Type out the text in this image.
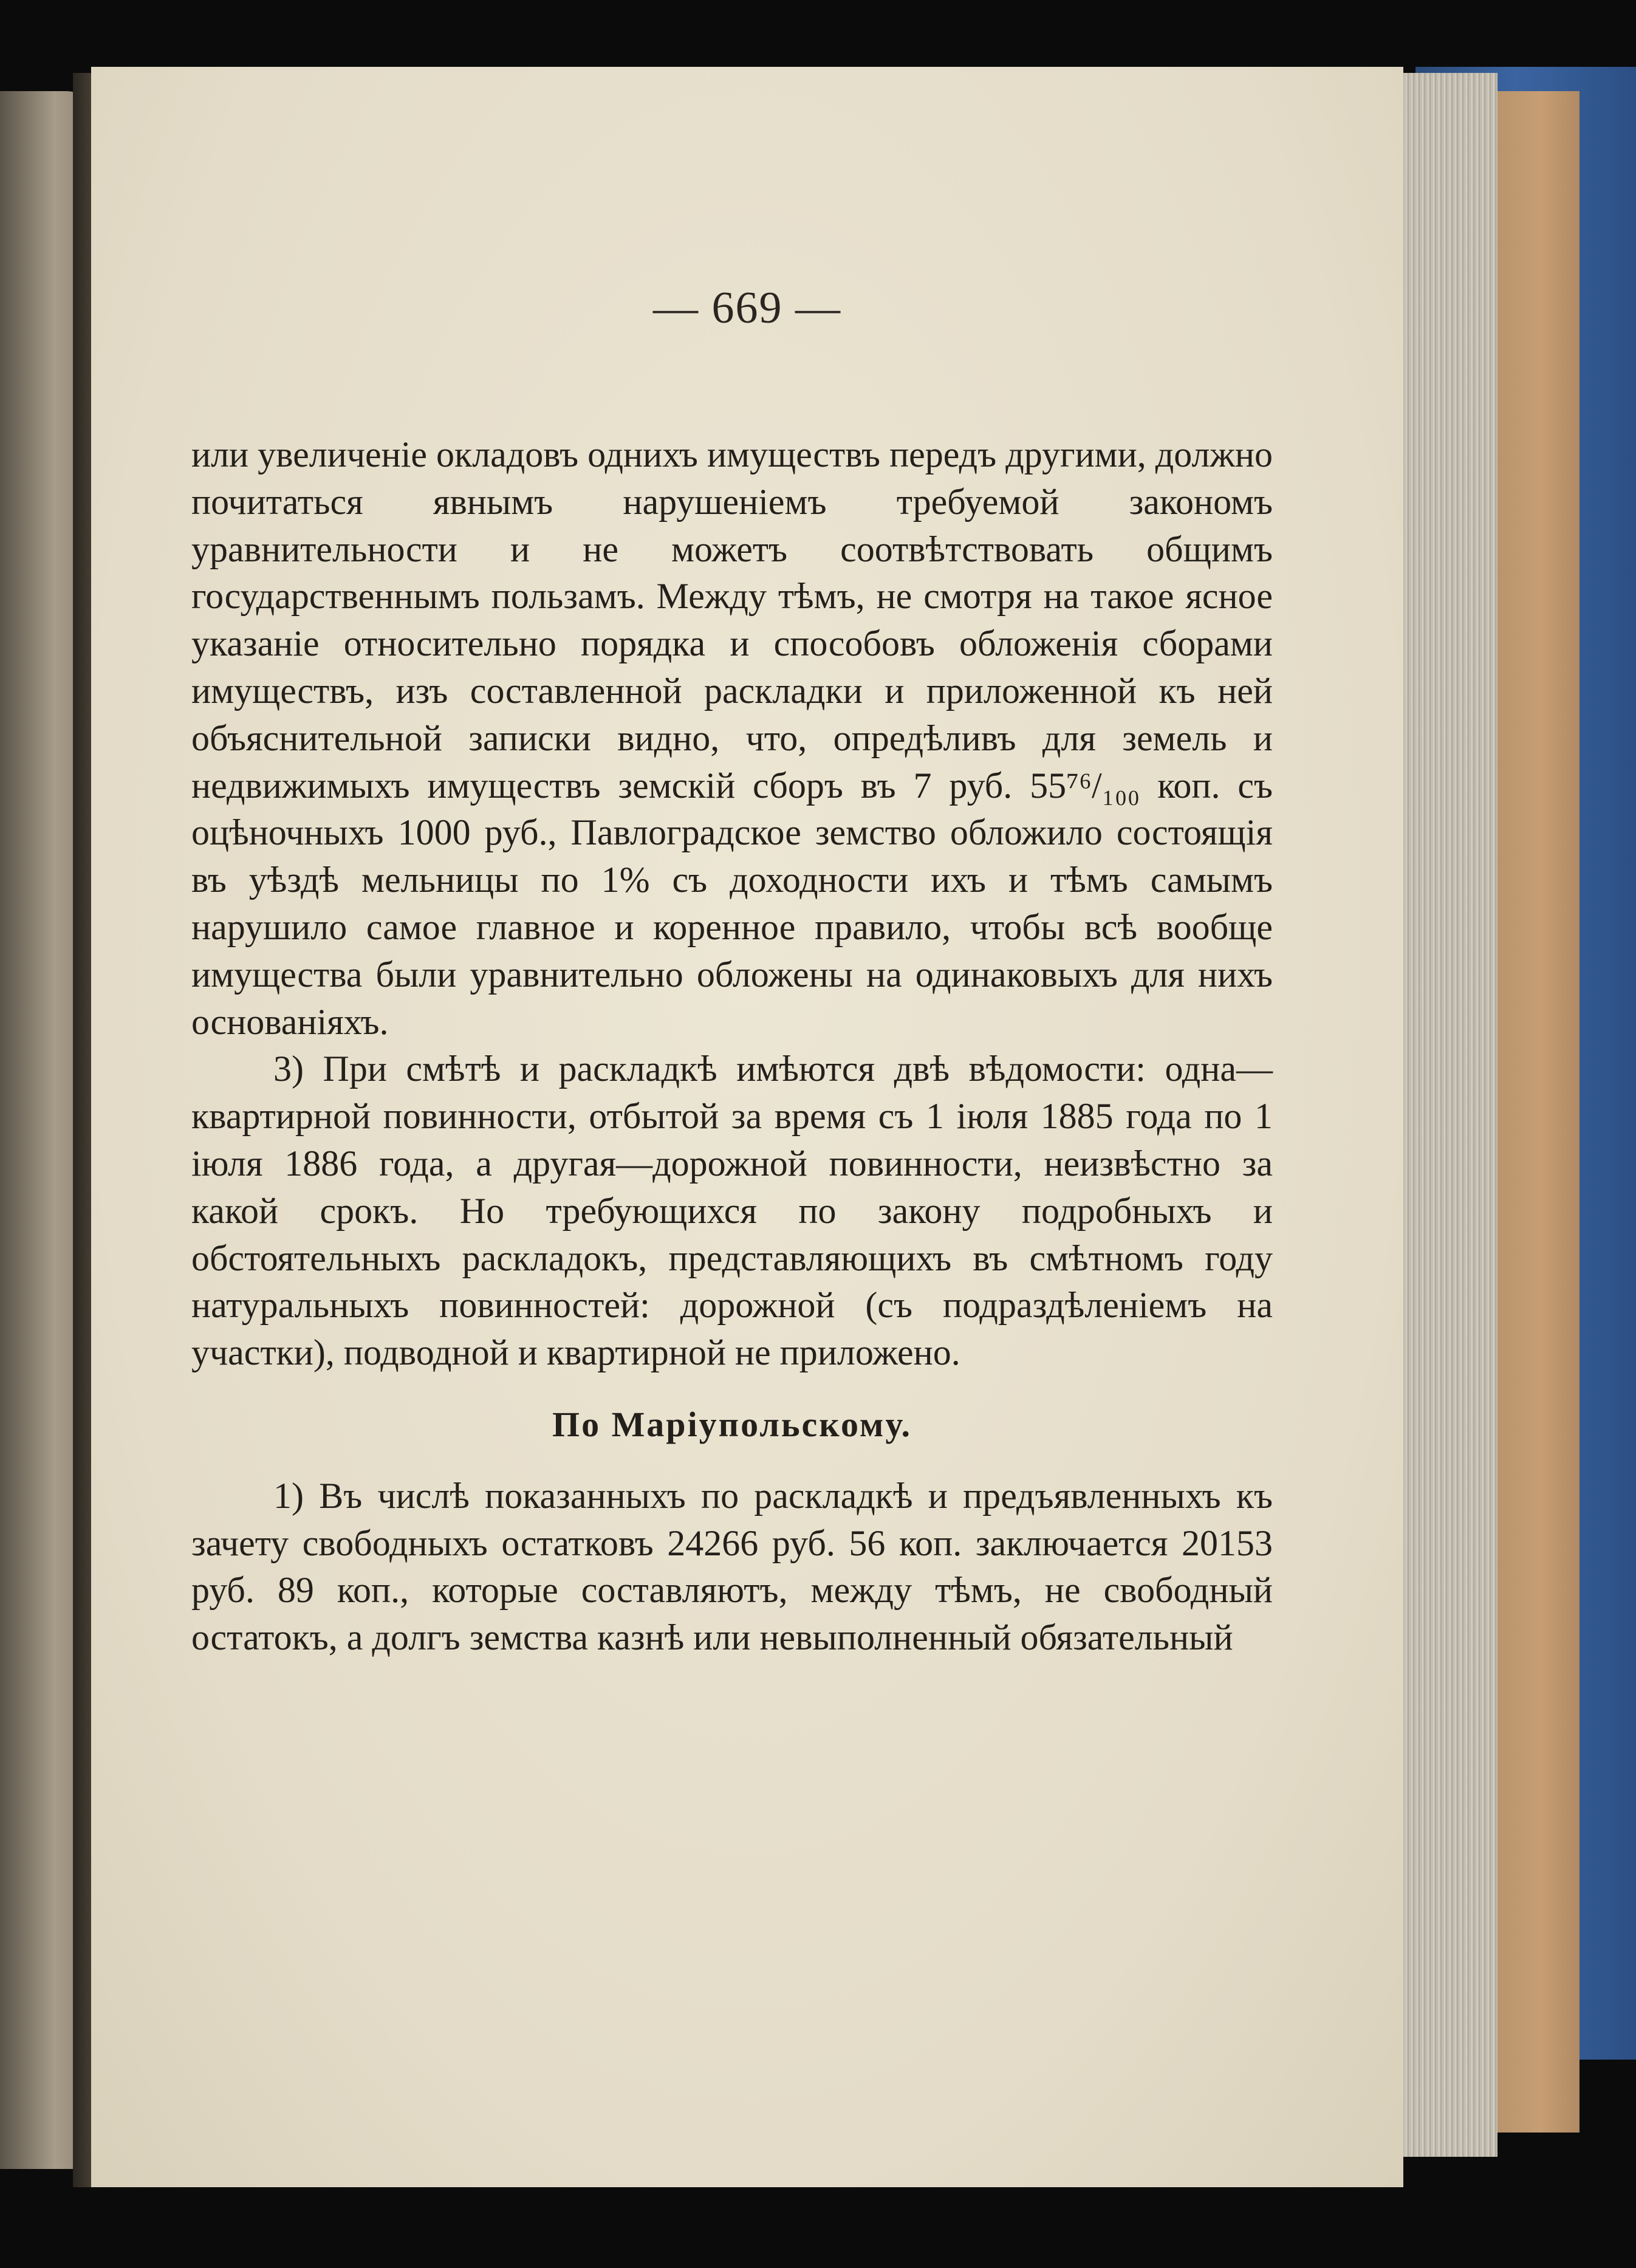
— 669 —

или увеличенiе окладовъ однихъ имуществъ передъ другими, должно почитаться явнымъ нарушенiемъ требуемой закономъ уравнительности и не можетъ соотвѣтствовать общимъ государственнымъ пользамъ. Между тѣмъ, не смотря на такое ясное указанiе относительно порядка и способовъ обложенiя сборами имуществъ, изъ составленной раскладки и приложенной къ ней объяснительной записки видно, что, опредѣливъ для земель и недвижимыхъ имуществъ земскiй сборъ въ 7 руб. 55⁷⁶/₁₀₀ коп. съ оцѣночныхъ 1000 руб., Павлоградское земство обложило состоящiя въ уѣздѣ мельницы по 1% съ доходности ихъ и тѣмъ самымъ нарушило самое главное и коренное правило, чтобы всѣ вообще имущества были уравнительно обложены на одинаковыхъ для нихъ основанiяхъ.

3) При смѣтѣ и раскладкѣ имѣются двѣ вѣдомости: одна—квартирной повинности, отбытой за время съ 1 iюля 1885 года по 1 iюля 1886 года, а другая—дорожной повинности, неизвѣстно за какой срокъ. Но требующихся по закону подробныхъ и обстоятельныхъ раскладокъ, представляющихъ въ смѣтномъ году натуральныхъ повинностей: дорожной (съ подраздѣленiемъ на участки), подводной и квартирной не приложено.

По Марiупольскому.

1) Въ числѣ показанныхъ по раскладкѣ и предъявленныхъ къ зачету свободныхъ остатковъ 24266 руб. 56 коп. заключается 20153 руб. 89 коп., которые составляютъ, между тѣмъ, не свободный остатокъ, а долгъ земства казнѣ или невыполненный обязательный
